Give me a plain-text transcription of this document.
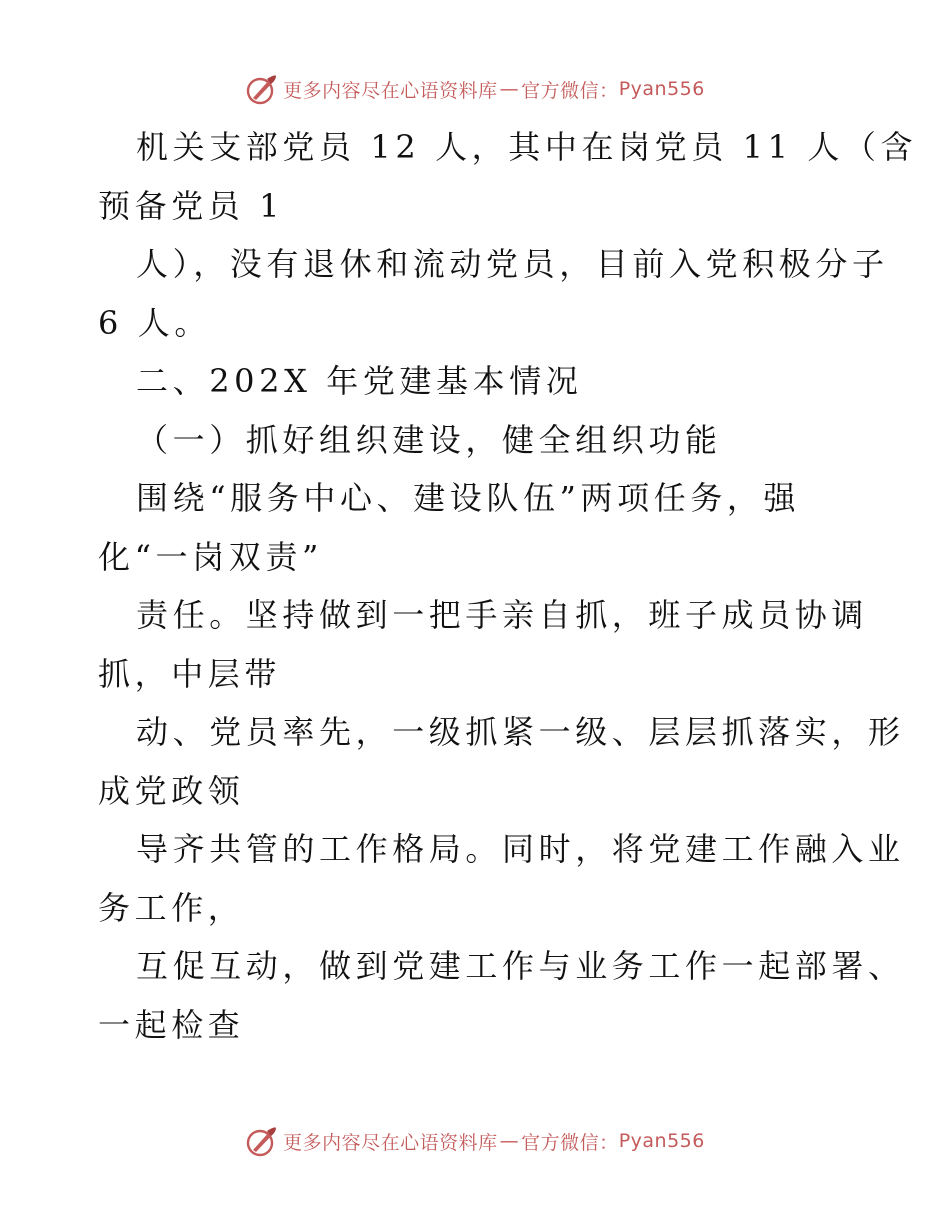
更多内容尽在心语资料库 — 官方微信： Pyan556
机关支部党员 12 人，其中在岗党员 11 人（含
预备党员 1
人），没有退休和流动党员，目前入党积极分子
6 人。
二、202X 年党建基本情况
（一）抓好组织建设，健全组织功能
围绕“服务中心、建设队伍”两项任务，强
化“一岗双责”
责任。坚持做到一把手亲自抓，班子成员协调
抓，中层带
动、党员率先，一级抓紧一级、层层抓落实，形
成党政领
导齐共管的工作格局。同时，将党建工作融入业
务工作，
互促互动，做到党建工作与业务工作一起部署、
一起检查
更多内容尽在心语资料库 — 官方微信： Pyan556
